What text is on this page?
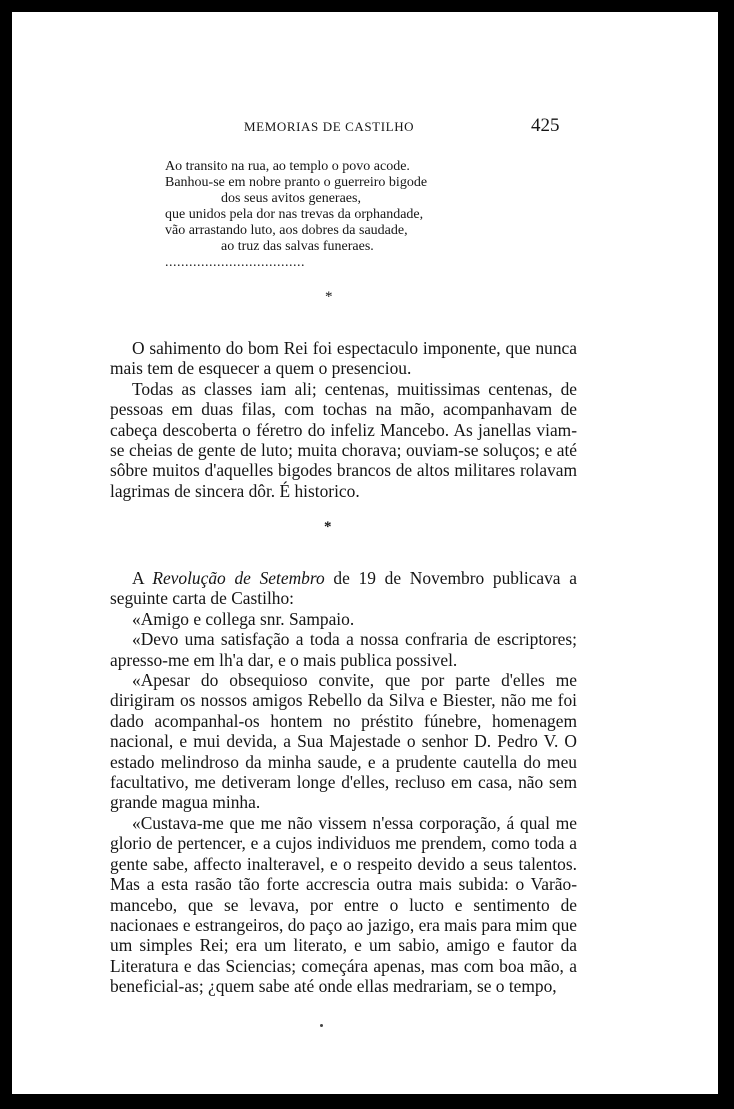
MEMORIAS DE CASTILHO	425
Ao transito na rua, ao templo o povo acode.
Banhou-se em nobre pranto o guerreiro bigode
dos seus avitos generaes,
que unidos pela dor nas trevas da orphandade,
vão arrastando luto, aos dobres da saudade,
ao truz das salvas funeraes.
...................................
*

O sahimento do bom Rei foi espectaculo imponente, que nunca mais tem de esquecer a quem o presenciou.

Todas as classes iam ali; centenas, muitissimas centenas, de pessoas em duas filas, com tochas na mão, acompanhavam de cabeça descoberta o féretro do infeliz Mancebo. As janellas viam-se cheias de gente de luto; muita chorava; ouviam-se soluços; e até sôbre muitos d'aquelles bigodes brancos de altos militares rolavam lagrimas de sincera dôr. É historico.

*

A Revolução de Setembro de 19 de Novembro publicava a seguinte carta de Castilho:

«Amigo e collega snr. Sampaio.

«Devo uma satisfação a toda a nossa confraria de escriptores; apresso-me em lh'a dar, e o mais publica possivel.

«Apesar do obsequioso convite, que por parte d'elles me dirigiram os nossos amigos Rebello da Silva e Biester, não me foi dado acompanhal-os hontem no préstito fúnebre, homenagem nacional, e mui devida, a Sua Majestade o senhor D. Pedro V. O estado melindroso da minha saude, e a prudente cautella do meu facultativo, me detiveram longe d'elles, recluso em casa, não sem grande magua minha.

«Custava-me que me não vissem n'essa corporação, á qual me glorio de pertencer, e a cujos individuos me prendem, como toda a gente sabe, affecto inalteravel, e o respeito devido a seus talentos. Mas a esta rasão tão forte accrescia outra mais subida: o Varão-mancebo, que se levava, por entre o lucto e sentimento de nacionaes e estrangeiros, do paço ao jazigo, era mais para mim que um simples Rei; era um literato, e um sabio, amigo e fautor da Literatura e das Sciencias; começára apenas, mas com boa mão, a beneficial-as; ¿quem sabe até onde ellas medrariam, se o tempo,
